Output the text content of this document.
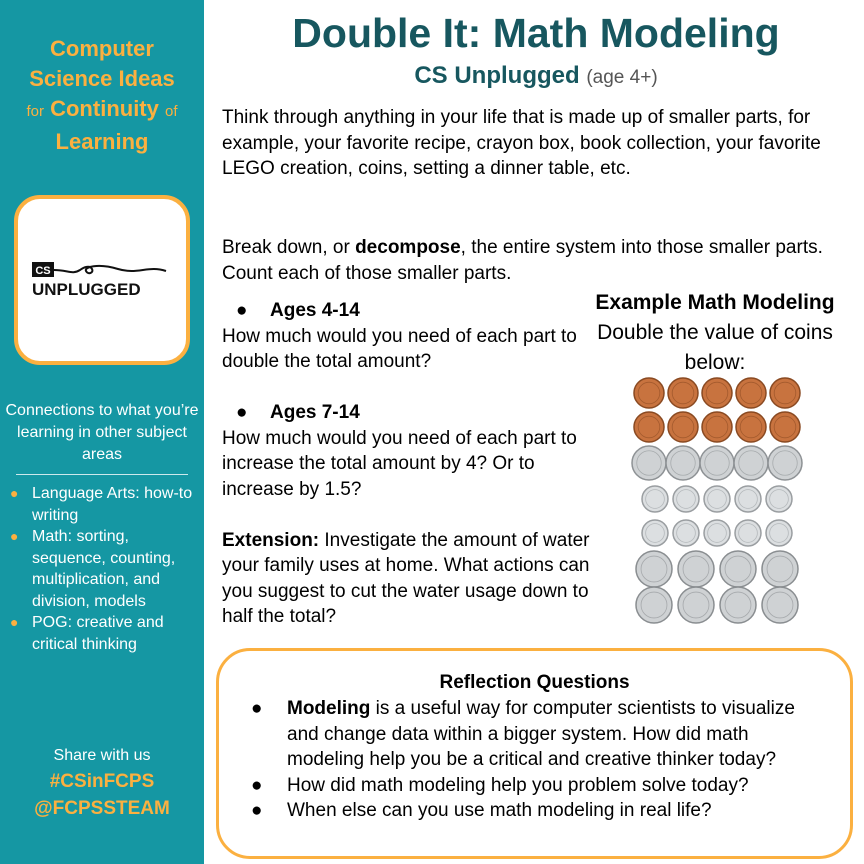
Computer
Science Ideas
for Continuity of
Learning
CS
UNPLUGGED
Connections to what you’re learning in other subject areas
● Language Arts: how-to writing
● Math: sorting, sequence, counting, multiplication, and division, models
● POG: creative and critical thinking
Share with us
#CSinFCPS
@FCPSSTEAM
Double It: Math Modeling
CS Unplugged (age 4+)
Think through anything in your life that is made up of smaller parts, for example, your favorite recipe, crayon box, book collection, your favorite LEGO creation, coins, setting a dinner table, etc.
Break down, or decompose, the entire system into those smaller parts. Count each of those smaller parts.
● Ages 4-14
How much would you need of each part to double the total amount?
● Ages 7-14
How much would you need of each part to increase the total amount by 4? Or to increase by 1.5?
Extension: Investigate the amount of water your family uses at home. What actions can you suggest to cut the water usage down to half the total?
Example Math Modeling
Double the value of coins below:
Reflection Questions
● Modeling is a useful way for computer scientists to visualize and change data within a bigger system. How did math modeling help you be a critical and creative thinker today?
● How did math modeling help you problem solve today?
● When else can you use math modeling in real life?
